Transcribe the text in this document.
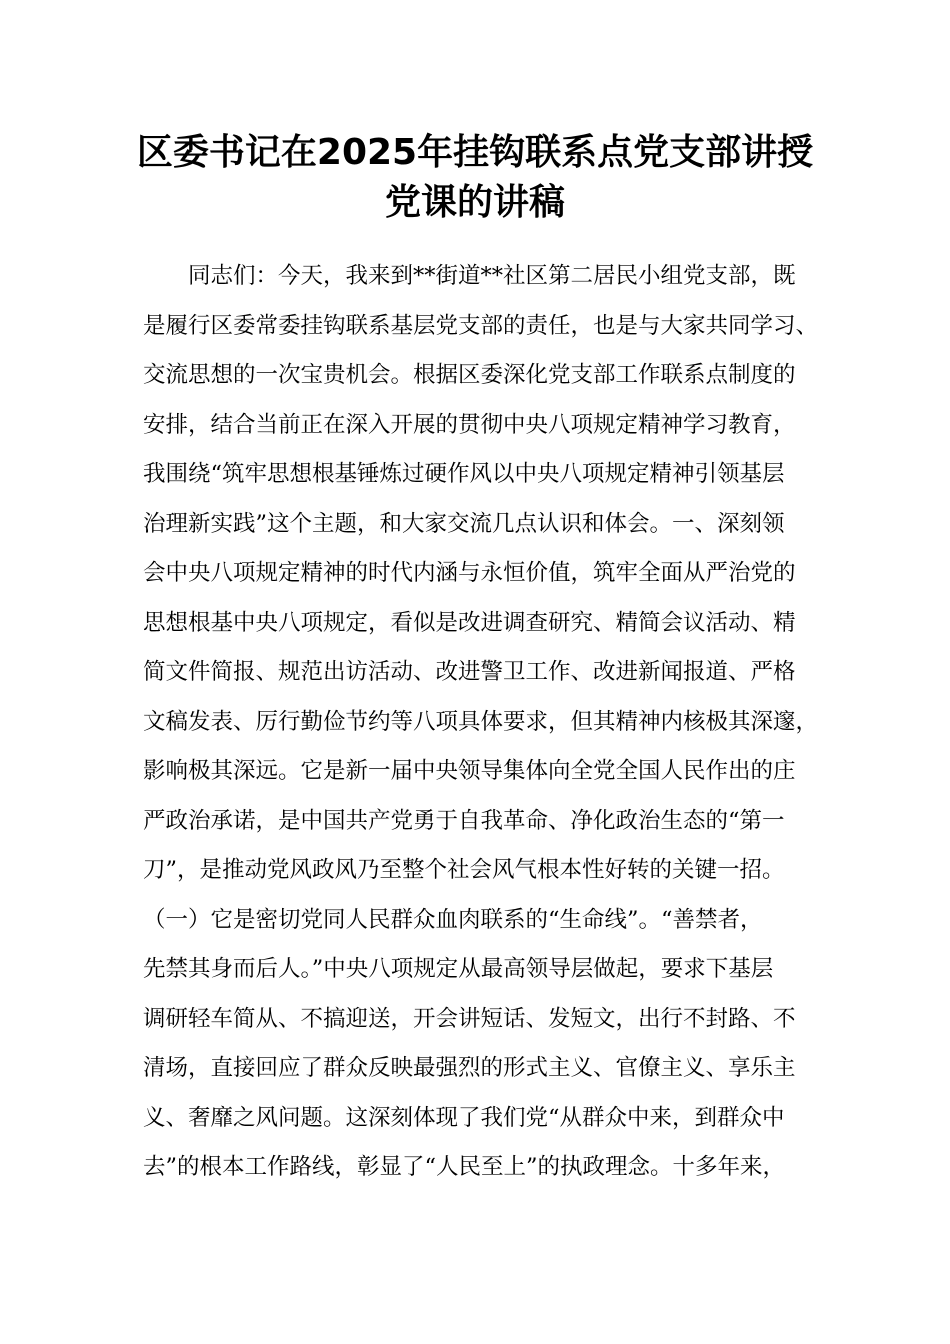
区委书记在2025年挂钩联系点党支部讲授
党课的讲稿
同志们：今天，我来到**街道**社区第二居民小组党支部，既
是履行区委常委挂钩联系基层党支部的责任，也是与大家共同学习、
交流思想的一次宝贵机会。根据区委深化党支部工作联系点制度的
安排，结合当前正在深入开展的贯彻中央八项规定精神学习教育，
我围绕“筑牢思想根基锤炼过硬作风以中央八项规定精神引领基层
治理新实践”这个主题，和大家交流几点认识和体会。一、深刻领
会中央八项规定精神的时代内涵与永恒价值，筑牢全面从严治党的
思想根基中央八项规定，看似是改进调查研究、精简会议活动、精
简文件简报、规范出访活动、改进警卫工作、改进新闻报道、严格
文稿发表、厉行勤俭节约等八项具体要求，但其精神内核极其深邃，
影响极其深远。它是新一届中央领导集体向全党全国人民作出的庄
严政治承诺，是中国共产党勇于自我革命、净化政治生态的“第一
刀”，是推动党风政风乃至整个社会风气根本性好转的关键一招。
（一）它是密切党同人民群众血肉联系的“生命线”。“善禁者，
先禁其身而后人。”中央八项规定从最高领导层做起，要求下基层
调研轻车简从、不搞迎送，开会讲短话、发短文，出行不封路、不
清场，直接回应了群众反映最强烈的形式主义、官僚主义、享乐主
义、奢靡之风问题。这深刻体现了我们党“从群众中来，到群众中
去”的根本工作路线，彰显了“人民至上”的执政理念。十多年来，
